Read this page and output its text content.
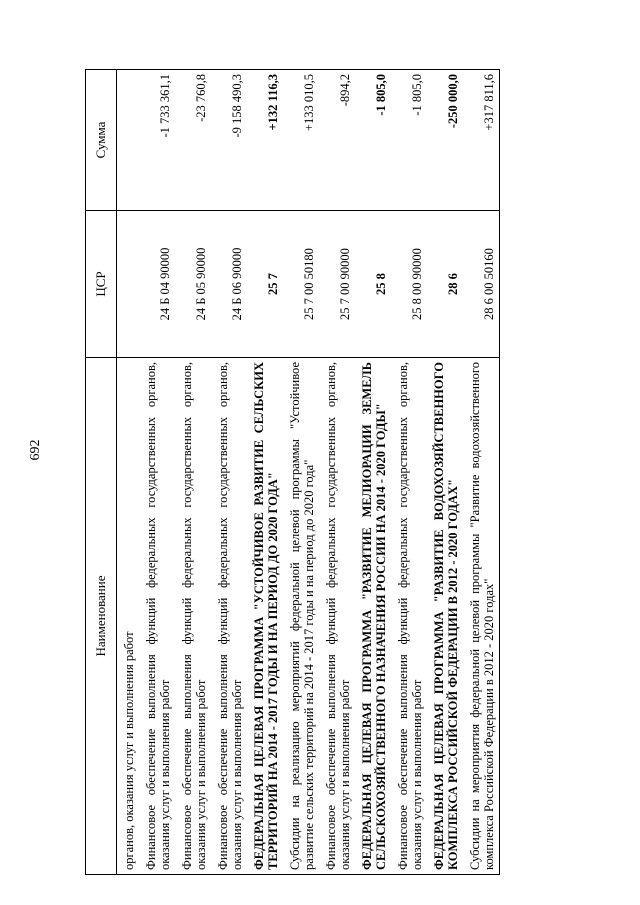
692
Наименование	ЦСР	Сумма
органов, оказания услуг и выполнения работ		
Финансовое обеспечение выполнения функций федеральных государственных органов, оказания услуг и выполнения работ	24 Б 04 90000	-1 733 361,1
Финансовое обеспечение выполнения функций федеральных государственных органов, оказания услуг и выполнения работ	24 Б 05 90000	-23 760,8
Финансовое обеспечение выполнения функций федеральных государственных органов, оказания услуг и выполнения работ	24 Б 06 90000	-9 158 490,3
ФЕДЕРАЛЬНАЯ ЦЕЛЕВАЯ ПРОГРАММА "УСТОЙЧИВОЕ РАЗВИТИЕ СЕЛЬСКИХ ТЕРРИТОРИЙ НА 2014 - 2017 ГОДЫ И НА ПЕРИОД ДО 2020 ГОДА"	25 7	+132 116,3
Субсидии на реализацию мероприятий федеральной целевой программы "Устойчивое развитие сельских территорий на 2014 - 2017 годы и на период до 2020 года"	25 7 00 50180	+133 010,5
Финансовое обеспечение выполнения функций федеральных государственных органов, оказания услуг и выполнения работ	25 7 00 90000	-894,2
ФЕДЕРАЛЬНАЯ ЦЕЛЕВАЯ ПРОГРАММА "РАЗВИТИЕ МЕЛИОРАЦИИ ЗЕМЕЛЬ СЕЛЬСКОХОЗЯЙСТВЕННОГО НАЗНАЧЕНИЯ РОССИИ НА 2014 - 2020 ГОДЫ"	25 8	-1 805,0
Финансовое обеспечение выполнения функций федеральных государственных органов, оказания услуг и выполнения работ	25 8 00 90000	-1 805,0
ФЕДЕРАЛЬНАЯ ЦЕЛЕВАЯ ПРОГРАММА "РАЗВИТИЕ ВОДОХОЗЯЙСТВЕННОГО КОМПЛЕКСА РОССИЙСКОЙ ФЕДЕРАЦИИ В 2012 - 2020 ГОДАХ"	28 6	-250 000,0
Субсидии на мероприятия федеральной целевой программы "Развитие водохозяйственного комплекса Российской Федерации в 2012 - 2020 годах"	28 6 00 50160	+317 811,6
